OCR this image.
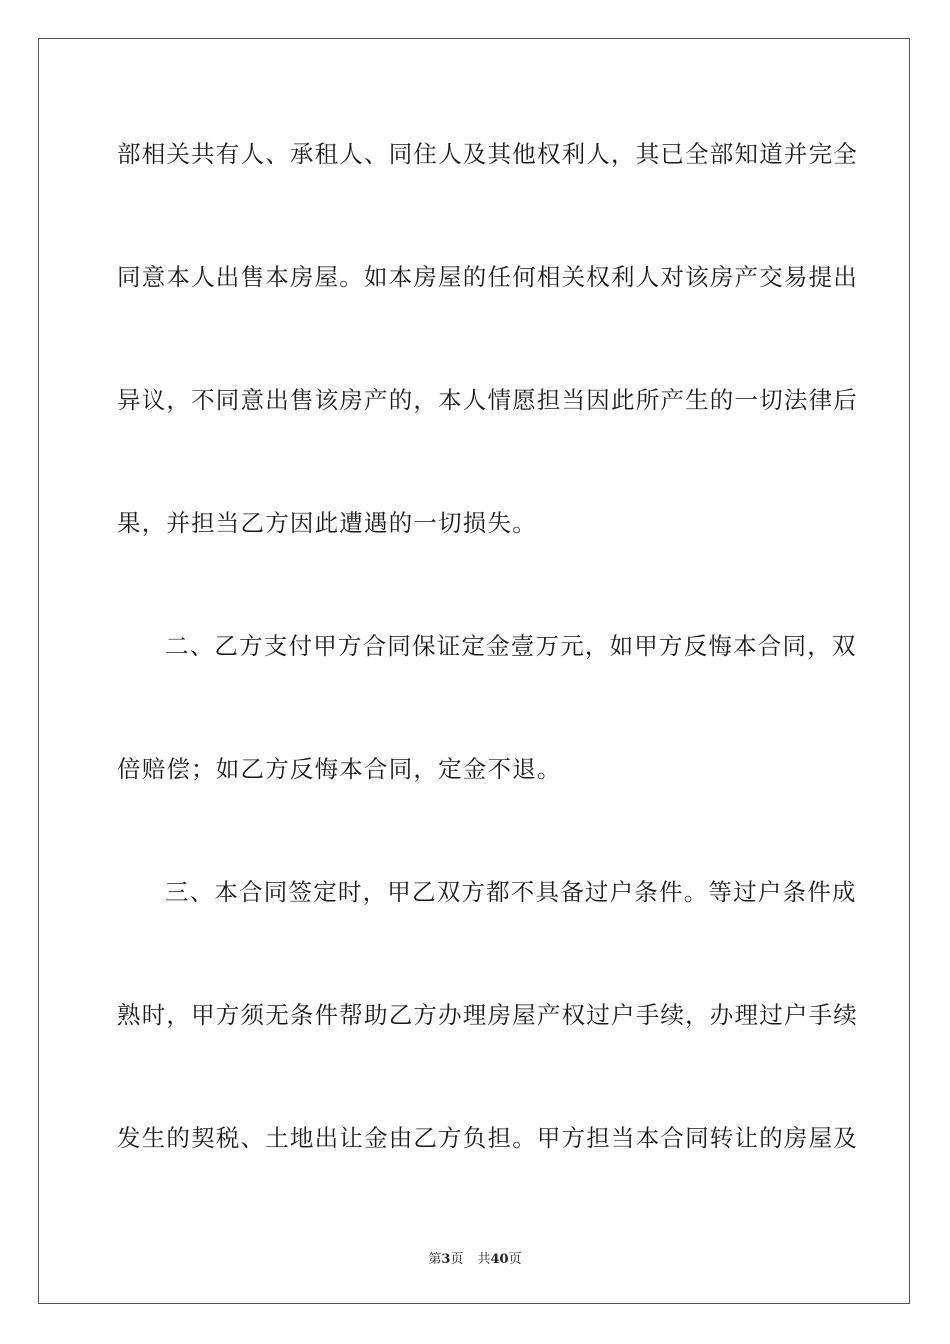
部相关共有人、承租人、同住人及其他权利人，其已全部知道并完全
同意本人出售本房屋。如本房屋的任何相关权利人对该房产交易提出
异议，不同意出售该房产的，本人情愿担当因此所产生的一切法律后
果，并担当乙方因此遭遇的一切损失。
二、乙方支付甲方合同保证定金壹万元，如甲方反悔本合同，双
倍赔偿；如乙方反悔本合同，定金不退。
三、本合同签定时，甲乙双方都不具备过户条件。等过户条件成
熟时，甲方须无条件帮助乙方办理房屋产权过户手续，办理过户手续
发生的契税、土地出让金由乙方负担。甲方担当本合同转让的房屋及
第3页 共40页
